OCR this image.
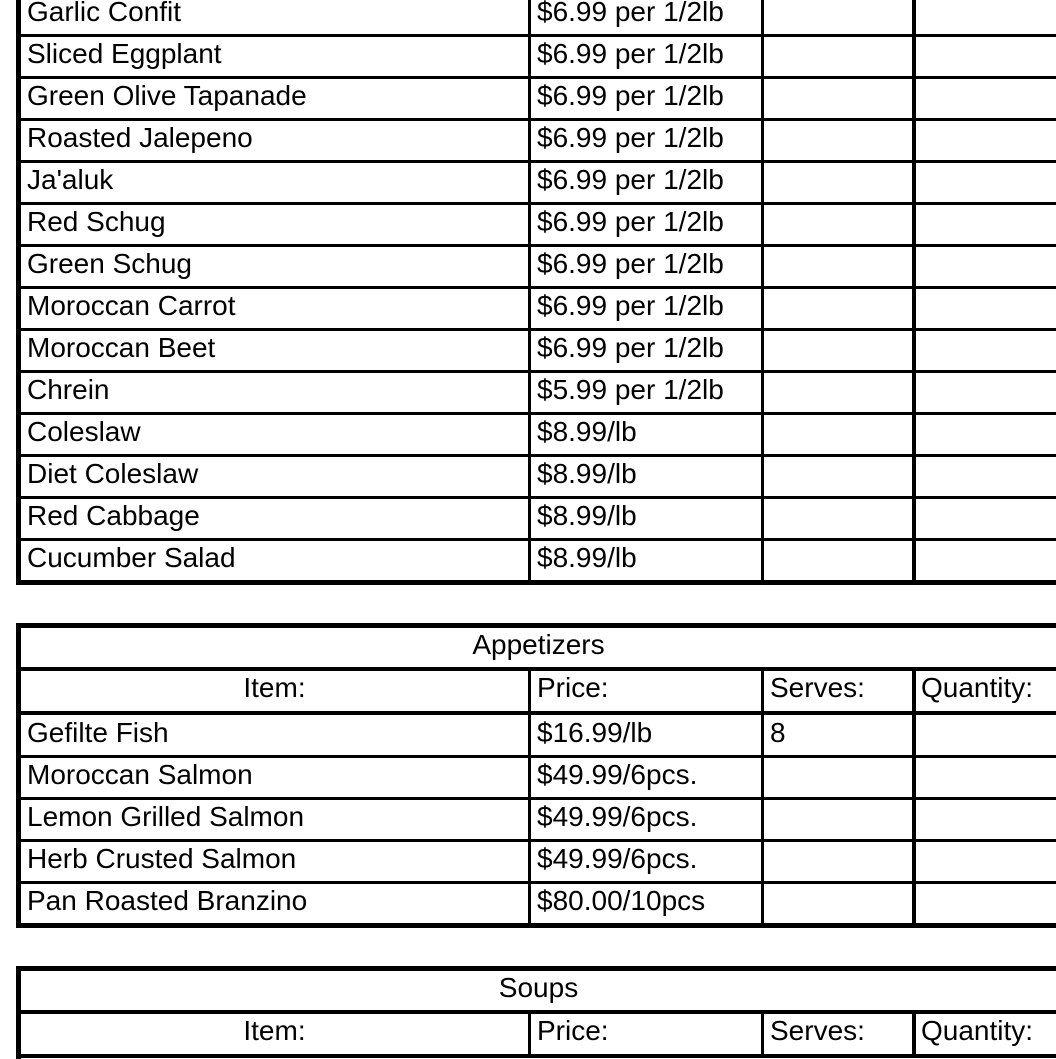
Garlic Confit	$6.99 per 1/2lb
Sliced Eggplant	$6.99 per 1/2lb
Green Olive Tapanade	$6.99 per 1/2lb
Roasted Jalepeno	$6.99 per 1/2lb
Ja'aluk	$6.99 per 1/2lb
Red Schug	$6.99 per 1/2lb
Green Schug	$6.99 per 1/2lb
Moroccan Carrot	$6.99 per 1/2lb
Moroccan Beet	$6.99 per 1/2lb
Chrein	$5.99 per 1/2lb
Coleslaw	$8.99/lb
Diet Coleslaw	$8.99/lb
Red Cabbage	$8.99/lb
Cucumber Salad	$8.99/lb
Appetizers
Item:	Price:	Serves:	Quantity:
Gefilte Fish	$16.99/lb	8
Moroccan Salmon	$49.99/6pcs.
Lemon Grilled Salmon	$49.99/6pcs.
Herb Crusted Salmon	$49.99/6pcs.
Pan Roasted Branzino	$80.00/10pcs
Soups
Item:	Price:	Serves:	Quantity:
